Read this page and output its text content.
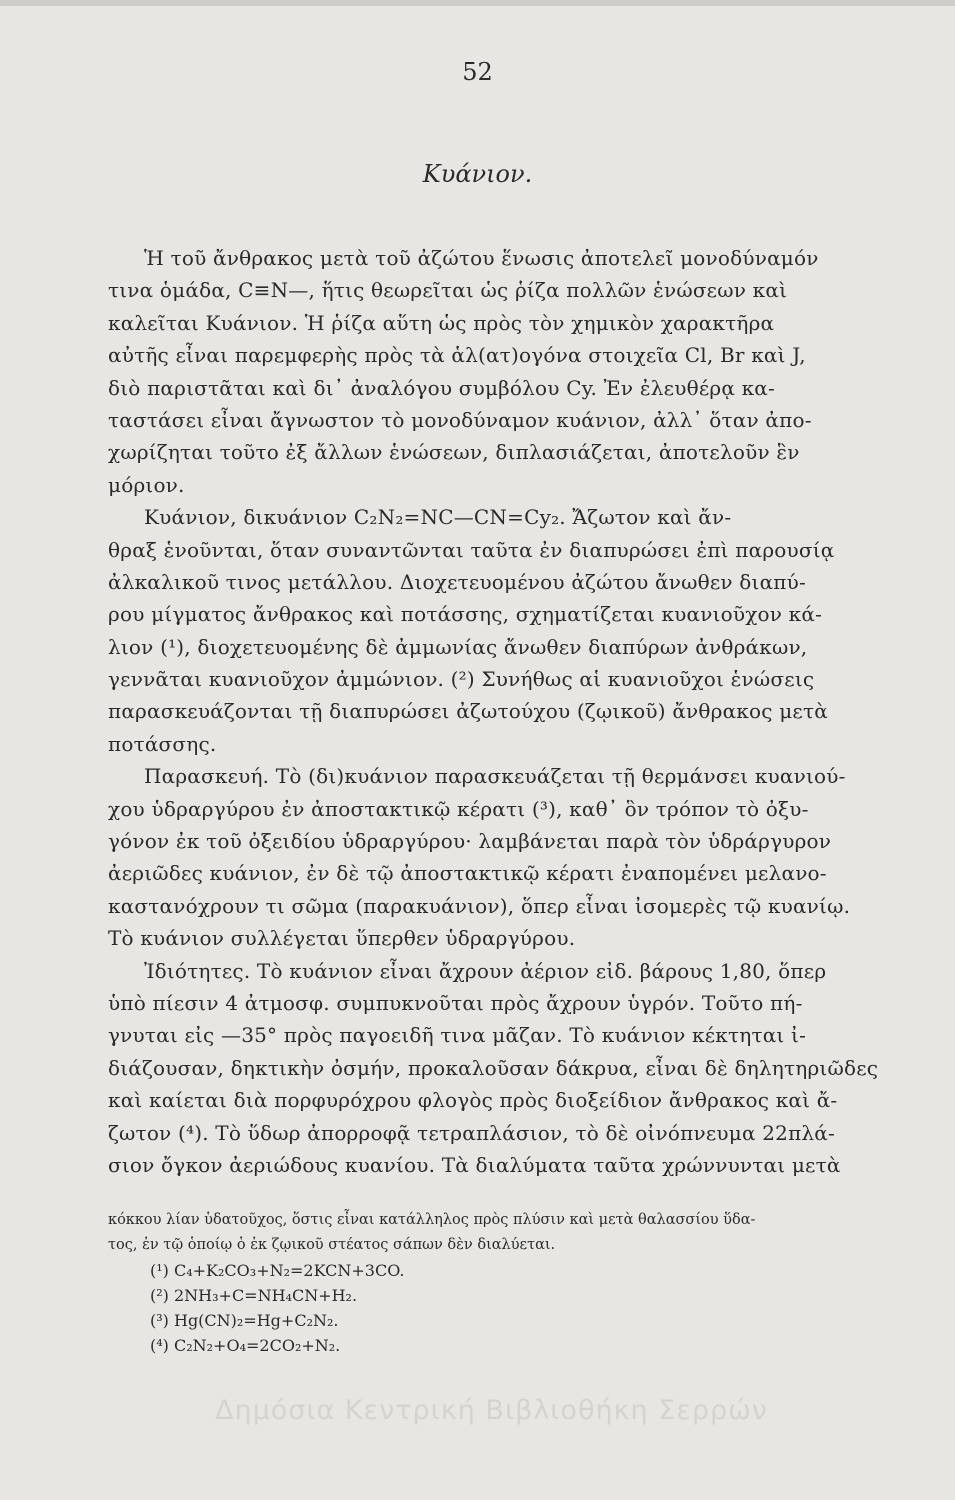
52
Κυάνιον.
Ἡ τοῦ ἄνθρακος μετὰ τοῦ ἀζώτου ἕνωσις ἀποτελεῖ μονοδύναμόν
τινα ὁμάδα, C≡N—, ἥτις θεωρεῖται ὡς ῥίζα πολλῶν ἑνώσεων καὶ
καλεῖται Κυάνιον. Ἡ ῥίζα αὕτη ὡς πρὸς τὸν χημικὸν χαρακτῆρα
αὐτῆς εἶναι παρεμφερὴς πρὸς τὰ ἁλ(ατ)ογόνα στοιχεῖα Cl, Br καὶ J,
διὸ παριστᾶται καὶ δι᾽ ἀναλόγου συμβόλου Cy. Ἐν ἐλευθέρᾳ κα-
ταστάσει εἶναι ἄγνωστον τὸ μονοδύναμον κυάνιον, ἀλλ᾽ ὅταν ἀπο-
χωρίζηται τοῦτο ἐξ ἄλλων ἑνώσεων, διπλασιάζεται, ἀποτελοῦν ἓν
μόριον.
Κυάνιον, δικυάνιον C₂N₂=NC—CN=Cy₂. Ἄζωτον καὶ ἄν-
θραξ ἑνοῦνται, ὅταν συναντῶνται ταῦτα ἐν διαπυρώσει ἐπὶ παρουσίᾳ
ἀλκαλικοῦ τινος μετάλλου. Διοχετευομένου ἀζώτου ἄνωθεν διαπύ-
ρου μίγματος ἄνθρακος καὶ ποτάσσης, σχηματίζεται κυανιοῦχον κά-
λιον (¹), διοχετευομένης δὲ ἀμμωνίας ἄνωθεν διαπύρων ἀνθράκων,
γεννᾶται κυανιοῦχον ἀμμώνιον. (²) Συνήθως αἱ κυανιοῦχοι ἑνώσεις
παρασκευάζονται τῇ διαπυρώσει ἀζωτούχου (ζῳικοῦ) ἄνθρακος μετὰ
ποτάσσης.
Παρασκευή. Τὸ (δι)κυάνιον παρασκευάζεται τῇ θερμάνσει κυανιού-
χου ὑδραργύρου ἐν ἀποστακτικῷ κέρατι (³), καθ᾽ ὃν τρόπον τὸ ὀξυ-
γόνον ἐκ τοῦ ὀξειδίου ὑδραργύρου· λαμβάνεται παρὰ τὸν ὑδράργυρον
ἀεριῶδες κυάνιον, ἐν δὲ τῷ ἀποστακτικῷ κέρατι ἐναπομένει μελανο-
καστανόχρουν τι σῶμα (παρακυάνιον), ὅπερ εἶναι ἰσομερὲς τῷ κυανίῳ.
Τὸ κυάνιον συλλέγεται ὕπερθεν ὑδραργύρου.
Ἰδιότητες. Τὸ κυάνιον εἶναι ἄχρουν ἀέριον εἰδ. βάρους 1,80, ὅπερ
ὑπὸ πίεσιν 4 ἀτμοσφ. συμπυκνοῦται πρὸς ἄχρουν ὑγρόν. Τοῦτο πή-
γνυται εἰς —35° πρὸς παγοειδῆ τινα μᾶζαν. Τὸ κυάνιον κέκτηται ἰ-
διάζουσαν, δηκτικὴν ὀσμήν, προκαλοῦσαν δάκρυα, εἶναι δὲ δηλητηριῶδες
καὶ καίεται διὰ πορφυρόχρου φλογὸς πρὸς διοξείδιον ἄνθρακος καὶ ἄ-
ζωτον (⁴). Τὸ ὕδωρ ἀπορροφᾷ τετραπλάσιον, τὸ δὲ οἰνόπνευμα 22πλά-
σιον ὄγκον ἀεριώδους κυανίου. Τὰ διαλύματα ταῦτα χρώννυνται μετὰ
κόκκου λίαν ὑδατοῦχος, ὅστις εἶναι κατάλληλος πρὸς πλύσιν καὶ μετὰ θαλασσίου ὕδα-
τος, ἐν τῷ ὁποίῳ ὁ ἐκ ζῳικοῦ στέατος σάπων δὲν διαλύεται.
(¹) C₄+K₂CO₃+N₂=2KCN+3CO.
(²) 2NH₃+C=NH₄CN+H₂.
(³) Hg(CN)₂=Hg+C₂N₂.
(⁴) C₂N₂+O₄=2CO₂+N₂.
Δημόσια Κεντρική Βιβλιοθήκη Σερρών
